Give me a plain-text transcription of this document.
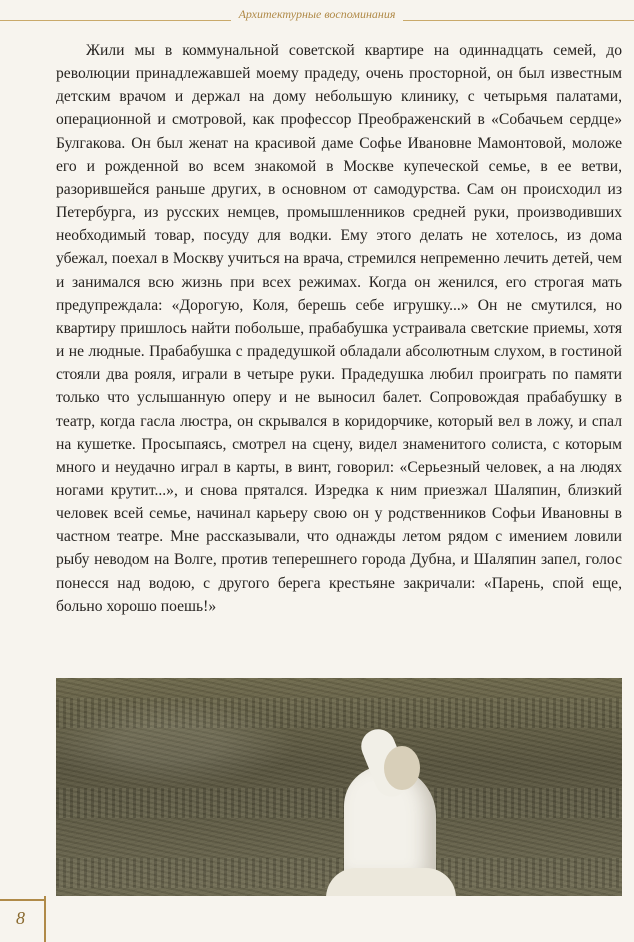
Архитектурные воспоминания

Жили мы в коммунальной советской квартире на одиннадцать семей, до революции принадлежавшей моему прадеду, очень просторной, он был известным детским врачом и держал на дому небольшую клинику, с четырьмя палатами, операционной и смотровой, как профессор Преображенский в «Собачьем сердце» Булгакова. Он был женат на красивой даме Софье Ивановне Мамонтовой, моложе его и рожденной во всем знакомой в Москве купеческой семье, в ее ветви, разорившейся раньше других, в основном от самодурства. Сам он происходил из Петербурга, из русских немцев, промышленников средней руки, производивших необходимый товар, посуду для водки. Ему этого делать не хотелось, из дома убежал, поехал в Москву учиться на врача, стремился непременно лечить детей, чем и занимался всю жизнь при всех режимах. Когда он женился, его строгая мать предупреждала: «Дорогую, Коля, берешь себе игрушку...» Он не смутился, но квартиру пришлось найти побольше, прабабушка устраивала светские приемы, хотя и не людные. Прабабушка с прадедушкой обладали абсолютным слухом, в гостиной стояли два рояля, играли в четыре руки. Прадедушка любил проиграть по памяти только что услышанную оперу и не выносил балет. Сопровождая прабабушку в театр, когда гасла люстра, он скрывался в коридорчике, который вел в ложу, и спал на кушетке. Просыпаясь, смотрел на сцену, видел знаменитого солиста, с которым много и неудачно играл в карты, в винт, говорил: «Серьезный человек, а на людях ногами крутит...», и снова прятался. Изредка к ним приезжал Шаляпин, близкий человек всей семье, начинал карьеру свою он у родственников Софьи Ивановны в частном театре. Мне рассказывали, что однажды летом рядом с имением ловили рыбу неводом на Волге, против теперешнего города Дубна, и Шаляпин запел, голос понесся над водою, с другого берега крестьяне закричали: «Парень, спой еще, больно хорошо поешь!»

8
